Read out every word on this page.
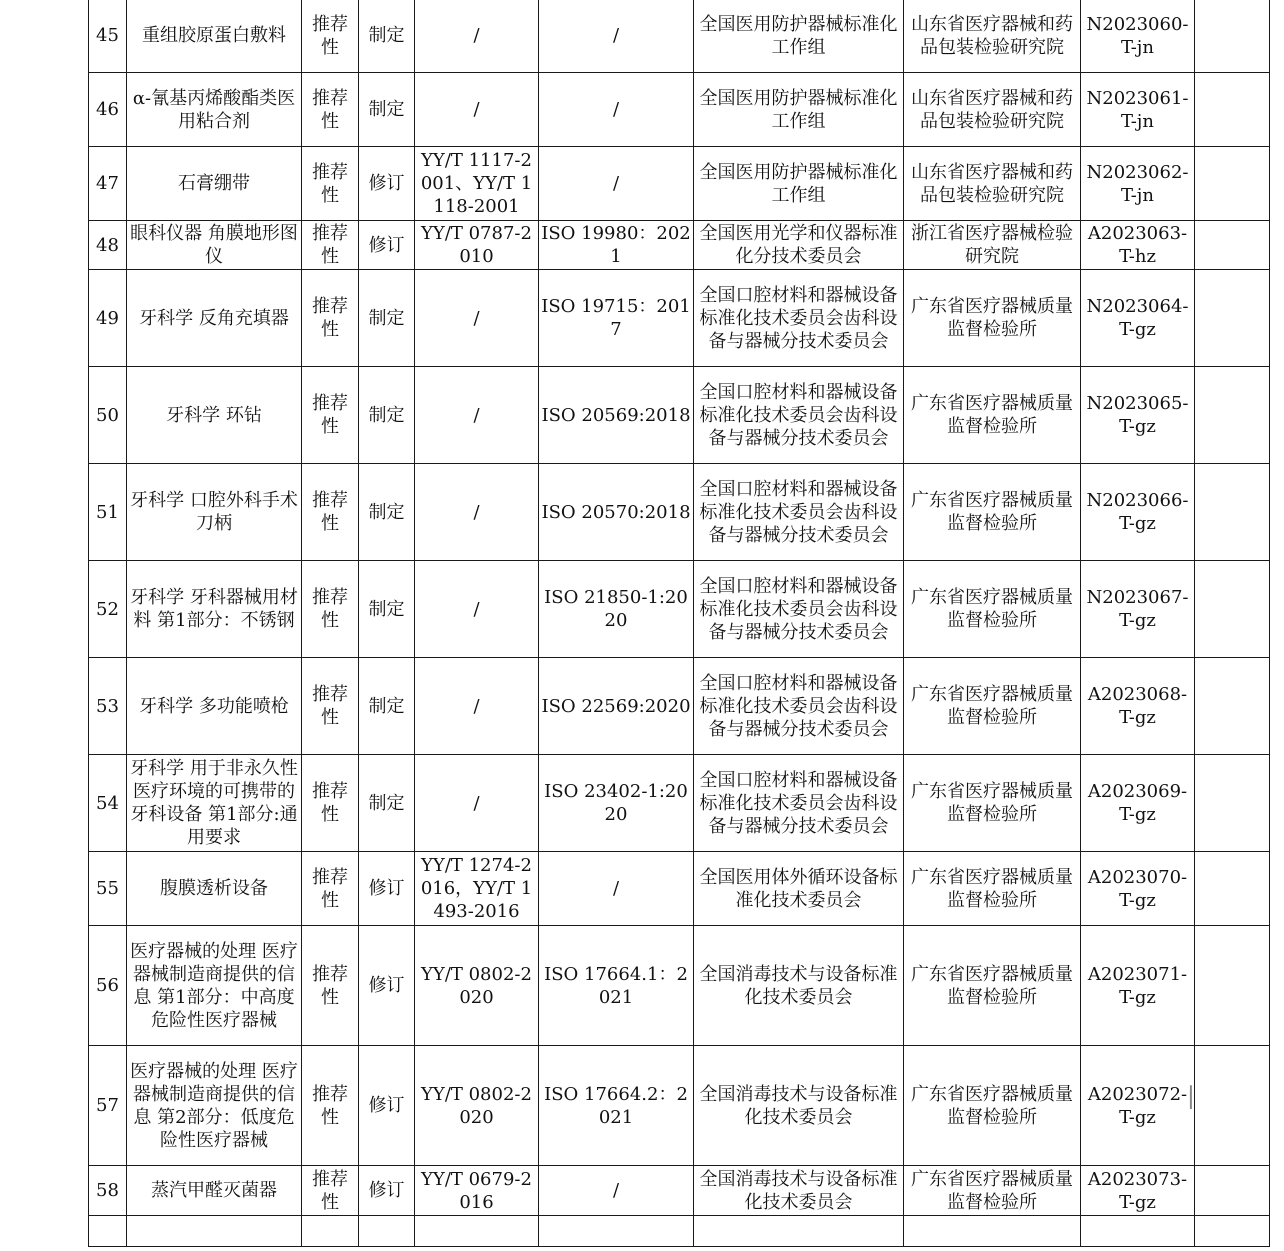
45	重组胶原蛋白敷料	推荐性	制定	/	/	全国医用防护器械标准化工作组	山东省医疗器械和药品包装检验研究院	N2023060-T-jn	
46	α-氰基丙烯酸酯类医用粘合剂	推荐性	制定	/	/	全国医用防护器械标准化工作组	山东省医疗器械和药品包装检验研究院	N2023061-T-jn	
47	石膏绷带	推荐性	修订	YY/T 1117-2001、YY/T 1118-2001	/	全国医用防护器械标准化工作组	山东省医疗器械和药品包装检验研究院	N2023062-T-jn	
48	眼科仪器 角膜地形图仪	推荐性	修订	YY/T 0787-2010	ISO 19980：2021	全国医用光学和仪器标准化分技术委员会	浙江省医疗器械检验研究院	A2023063-T-hz	
49	牙科学 反角充填器	推荐性	制定	/	ISO 19715：2017	全国口腔材料和器械设备标准化技术委员会齿科设备与器械分技术委员会	广东省医疗器械质量监督检验所	N2023064-T-gz	
50	牙科学 环钻	推荐性	制定	/	ISO 20569:2018	全国口腔材料和器械设备标准化技术委员会齿科设备与器械分技术委员会	广东省医疗器械质量监督检验所	N2023065-T-gz	
51	牙科学 口腔外科手术刀柄	推荐性	制定	/	ISO 20570:2018	全国口腔材料和器械设备标准化技术委员会齿科设备与器械分技术委员会	广东省医疗器械质量监督检验所	N2023066-T-gz	
52	牙科学 牙科器械用材料 第1部分：不锈钢	推荐性	制定	/	ISO 21850-1:2020	全国口腔材料和器械设备标准化技术委员会齿科设备与器械分技术委员会	广东省医疗器械质量监督检验所	N2023067-T-gz	
53	牙科学 多功能喷枪	推荐性	制定	/	ISO 22569:2020	全国口腔材料和器械设备标准化技术委员会齿科设备与器械分技术委员会	广东省医疗器械质量监督检验所	A2023068-T-gz	
54	牙科学 用于非永久性医疗环境的可携带的牙科设备 第1部分:通用要求	推荐性	制定	/	ISO 23402-1:2020	全国口腔材料和器械设备标准化技术委员会齿科设备与器械分技术委员会	广东省医疗器械质量监督检验所	A2023069-T-gz	
55	腹膜透析设备	推荐性	修订	YY/T 1274-2016，YY/T 1493-2016	/	全国医用体外循环设备标准化技术委员会	广东省医疗器械质量监督检验所	A2023070-T-gz	
56	医疗器械的处理 医疗器械制造商提供的信息 第1部分：中高度危险性医疗器械	推荐性	修订	YY/T 0802-2020	ISO 17664.1：2021	全国消毒技术与设备标准化技术委员会	广东省医疗器械质量监督检验所	A2023071-T-gz	
57	医疗器械的处理 医疗器械制造商提供的信息 第2部分：低度危险性医疗器械	推荐性	修订	YY/T 0802-2020	ISO 17664.2：2021	全国消毒技术与设备标准化技术委员会	广东省医疗器械质量监督检验所	A2023072-T-gz	
58	蒸汽甲醛灭菌器	推荐性	修订	YY/T 0679-2016	/	全国消毒技术与设备标准化技术委员会	广东省医疗器械质量监督检验所	A2023073-T-gz	

▏
